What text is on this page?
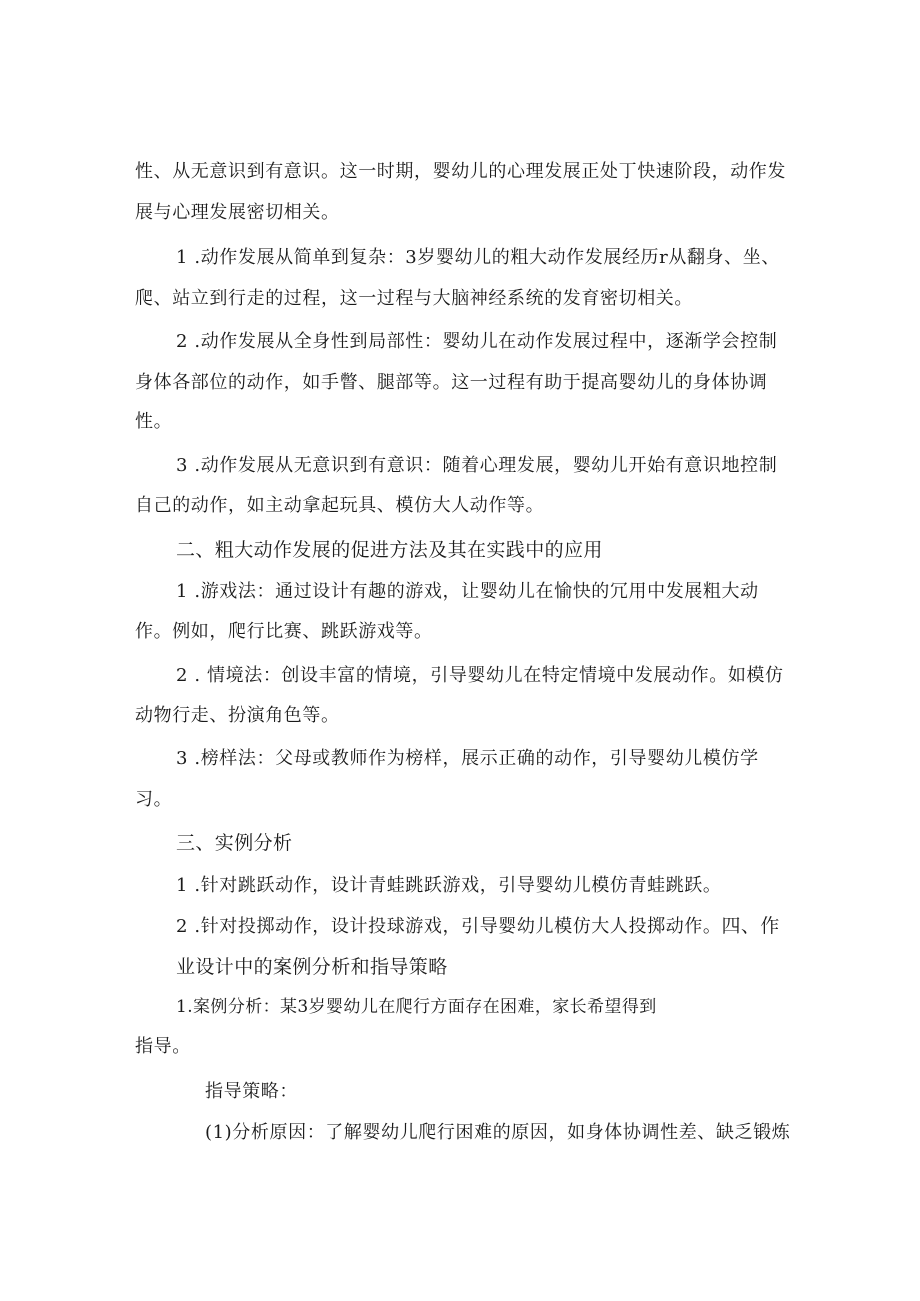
性、从无意识到有意识。这一时期，婴幼儿的心理发展正处丁快速阶段，动作发
展与心理发展密切相关。
1 .动作发展从简单到复杂：3岁婴幼儿的粗大动作发展经历r从翻身、坐、
爬、站立到行走的过程，这一过程与大脑神经系统的发育密切相关。
2 .动作发展从全身性到局部性：婴幼儿在动作发展过程中，逐渐学会控制
身体各部位的动作，如手瞥、腿部等。这一过程有助于提高婴幼儿的身体协调
性。
3 .动作发展从无意识到有意识：随着心理发展，婴幼儿开始有意识地控制
自己的动作，如主动拿起玩具、模仿大人动作等。
二、粗大动作发展的促进方法及其在实践中的应用
1 .游戏法：通过设计有趣的游戏，让婴幼儿在愉快的冗用中发展粗大动
作。例如，爬行比赛、跳跃游戏等。
2 . 情境法：创设丰富的情境，引导婴幼儿在特定情境中发展动作。如模仿
动物行走、扮演角色等。
3 .榜样法：父母或教师作为榜样，展示正确的动作，引导婴幼儿模仿学
习。
三、实例分析
1 .针对跳跃动作，设计青蛙跳跃游戏，引导婴幼儿模仿青蛙跳跃。
2 .针对投掷动作，设计投球游戏，引导婴幼儿模仿大人投掷动作。四、作
业设计中的案例分析和指导策略
1.案例分析：某3岁婴幼儿在爬行方面存在困难，家长希望得到
指导。
指导策略：
(1)分析原因：了解婴幼儿爬行困难的原因，如身体协调性差、缺乏锻炼
